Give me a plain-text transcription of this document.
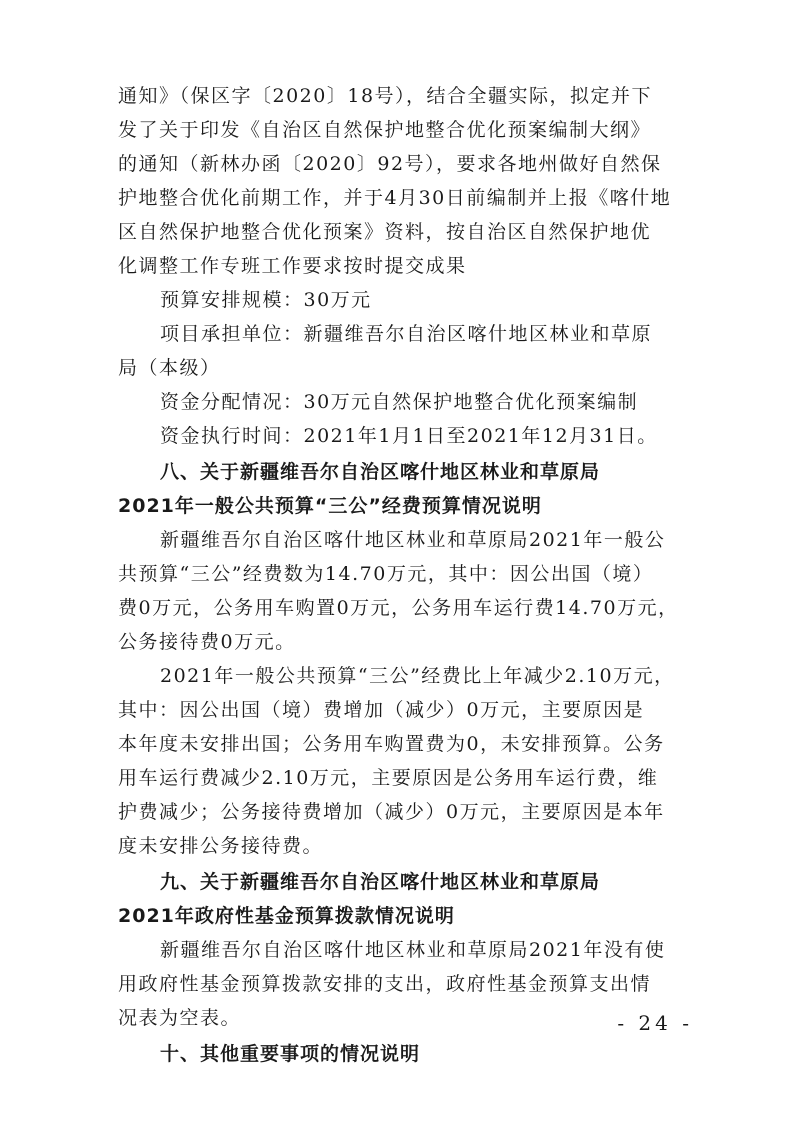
通知》（保区字〔2020〕18号），结合全疆实际，拟定并下
发了关于印发《自治区自然保护地整合优化预案编制大纲》
的通知（新林办函〔2020〕92号），要求各地州做好自然保
护地整合优化前期工作，并于4月30日前编制并上报《喀什地
区自然保护地整合优化预案》资料，按自治区自然保护地优
化调整工作专班工作要求按时提交成果
预算安排规模：30万元
项目承担单位：新疆维吾尔自治区喀什地区林业和草原
局（本级）
资金分配情况：30万元自然保护地整合优化预案编制
资金执行时间：2021年1月1日至2021年12月31日。
八、关于新疆维吾尔自治区喀什地区林业和草原局
2021年一般公共预算“三公”经费预算情况说明
新疆维吾尔自治区喀什地区林业和草原局2021年一般公
共预算“三公”经费数为14.70万元，其中：因公出国（境）
费0万元，公务用车购置0万元，公务用车运行费14.70万元，
公务接待费0万元。
2021年一般公共预算“三公”经费比上年减少2.10万元，
其中：因公出国（境）费增加（减少）0万元，主要原因是
本年度未安排出国；公务用车购置费为0，未安排预算。公务
用车运行费减少2.10万元，主要原因是公务用车运行费，维
护费减少；公务接待费增加（减少）0万元，主要原因是本年
度未安排公务接待费。
九、关于新疆维吾尔自治区喀什地区林业和草原局
2021年政府性基金预算拨款情况说明
新疆维吾尔自治区喀什地区林业和草原局2021年没有使
用政府性基金预算拨款安排的支出，政府性基金预算支出情
况表为空表。
十、其他重要事项的情况说明
- 24 -
